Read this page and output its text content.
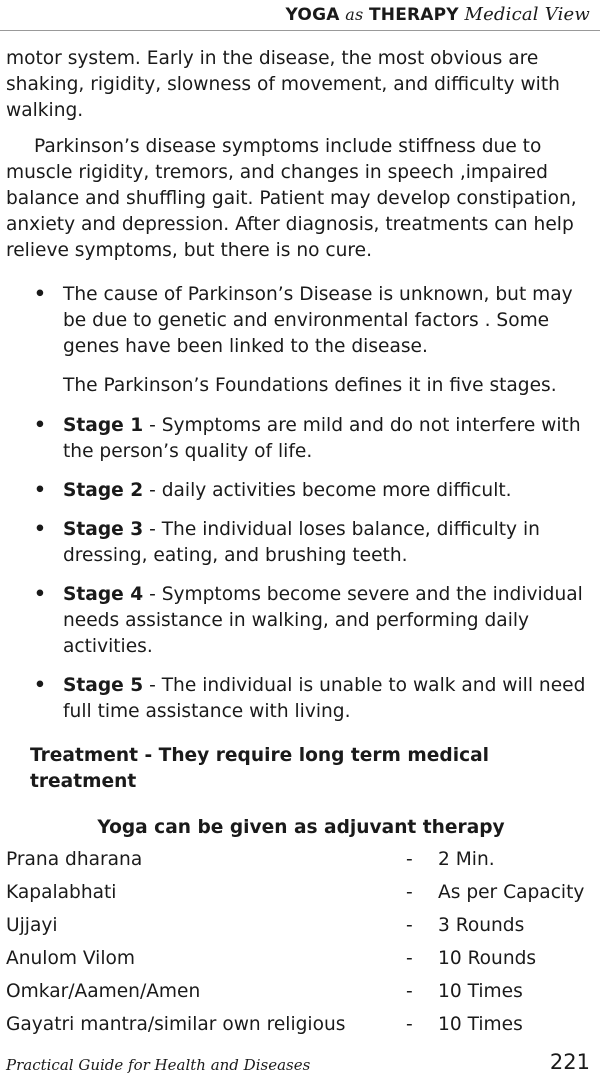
YOGA as THERAPY Medical View

motor system. Early in the disease, the most obvious are shaking, rigidity, slowness of movement, and difficulty with walking.

Parkinson’s disease symptoms include stiffness due to muscle rigidity, tremors, and changes in speech ,impaired balance and shuffling gait. Patient may develop constipation, anxiety and depression. After diagnosis, treatments can help relieve symptoms, but there is no cure.

• The cause of Parkinson’s Disease is unknown, but may be due to genetic and environmental factors . Some genes have been linked to the disease.

The Parkinson’s Foundations defines it in five stages.

• Stage 1 - Symptoms are mild and do not interfere with the person’s quality of life.
• Stage 2 - daily activities become more difficult.
• Stage 3 - The individual loses balance, difficulty in dressing, eating, and brushing teeth.
• Stage 4 - Symptoms become severe and the individual needs assistance in walking, and performing daily activities.
• Stage 5 - The individual is unable to walk and will need full time assistance with living.

Treatment - They require long term medical treatment

Yoga can be given as adjuvant therapy

Prana dharana	-	2 Min.
Kapalabhati	-	As per Capacity
Ujjayi	-	3 Rounds
Anulom Vilom	-	10 Rounds
Omkar/Aamen/Amen	-	10 Times
Gayatri mantra/similar own religious	-	10 Times
Practical Guide for Health and Diseases	221
